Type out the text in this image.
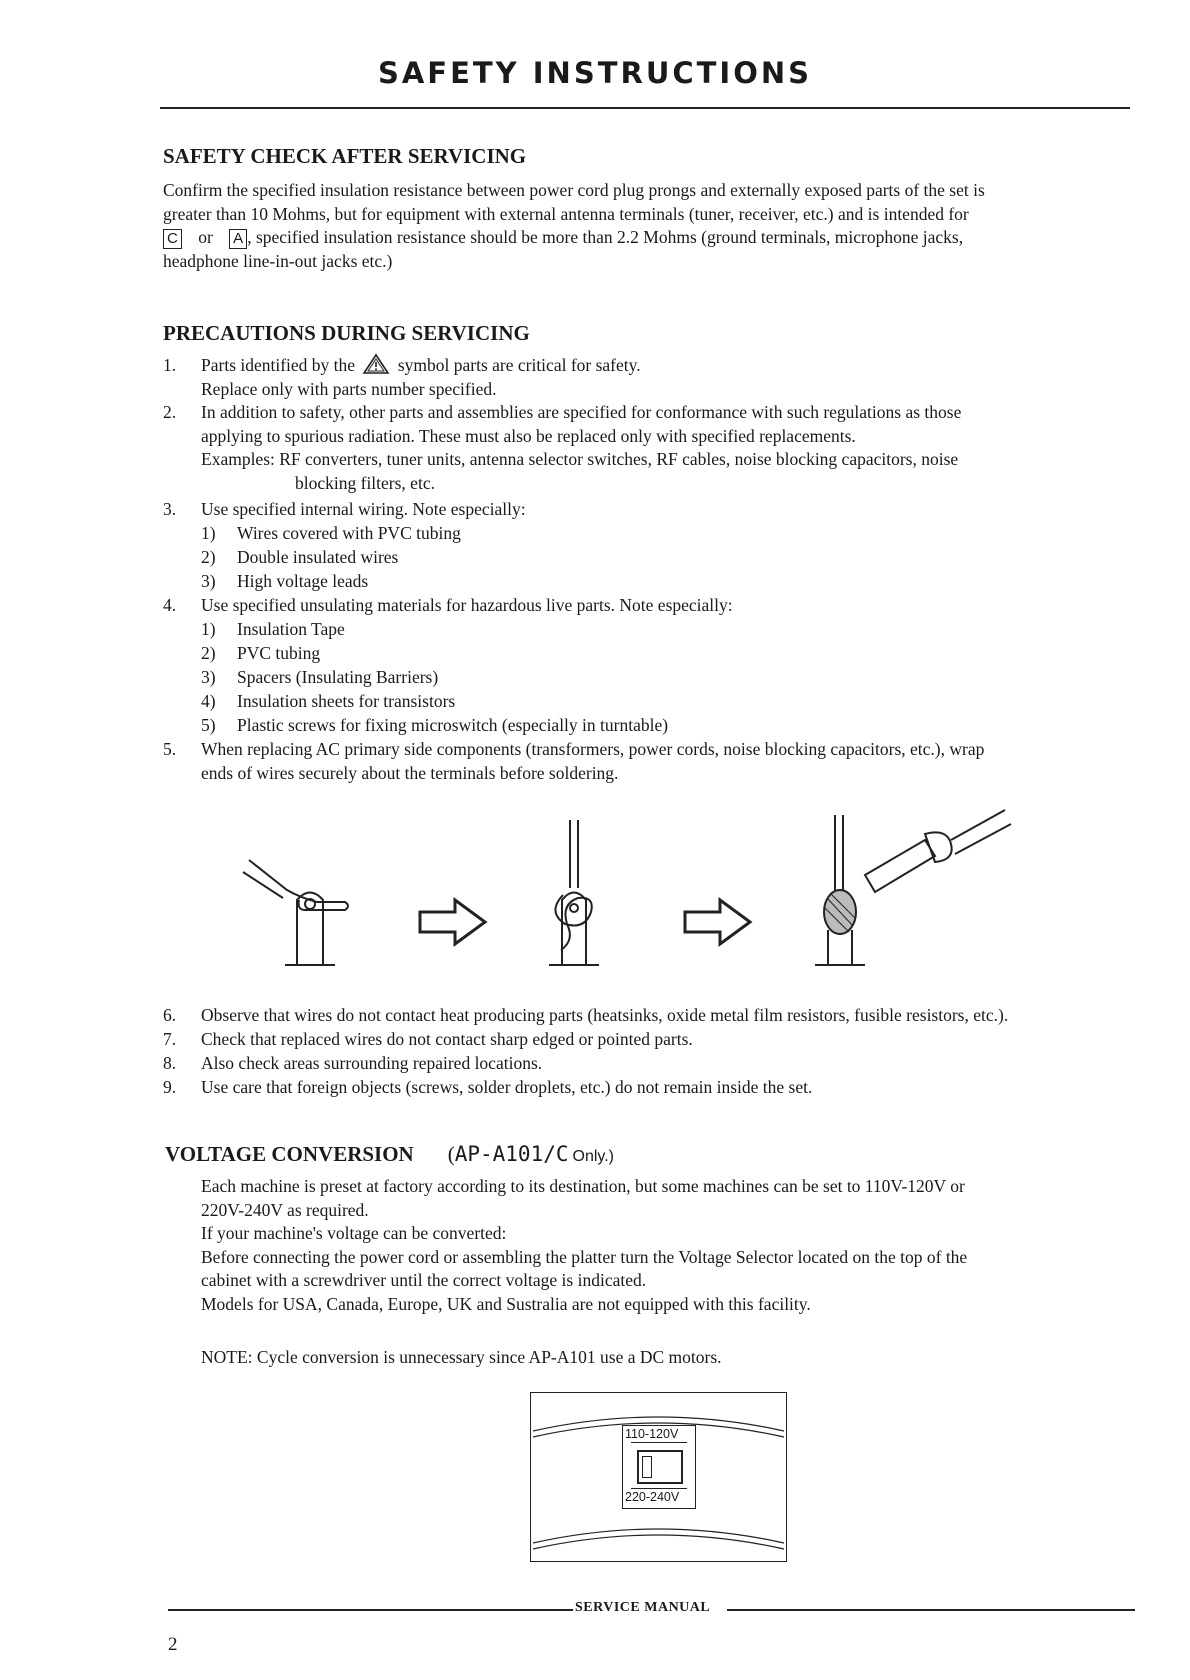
SAFETY INSTRUCTIONS
SAFETY CHECK AFTER SERVICING
Confirm the specified insulation resistance between power cord plug prongs and externally exposed parts of the set is
greater than 10 Mohms, but for equipment with external antenna terminals (tuner, receiver, etc.) and is intended for
C or A , specified insulation resistance should be more than 2.2 Mohms (ground terminals, microphone jacks,
headphone line-in-out jacks etc.)
PRECAUTIONS DURING SERVICING
1.	Parts identified by the symbol parts are critical for safety.
Replace only with parts number specified.
2. In addition to safety, other parts and assemblies are specified for conformance with such regulations as those
applying to spurious radiation. These must also be replaced only with specified replacements.
Examples: RF converters, tuner units, antenna selector switches, RF cables, noise blocking capacitors, noise
blocking filters, etc.
3. Use specified internal wiring. Note especially:
1) Wires covered with PVC tubing
2) Double insulated wires
3) High voltage leads
4. Use specified unsulating materials for hazardous live parts. Note especially:
1) Insulation Tape
2) PVC tubing
3) Spacers (Insulating Barriers)
4) Insulation sheets for transistors
5) Plastic screws for fixing microswitch (especially in turntable)
5. When replacing AC primary side components (transformers, power cords, noise blocking capacitors, etc.), wrap
ends of wires securely about the terminals before soldering.
6. Observe that wires do not contact heat producing parts (heatsinks, oxide metal film resistors, fusible resistors, etc.).
7. Check that replaced wires do not contact sharp edged or pointed parts.
8. Also check areas surrounding repaired locations.
9. Use care that foreign objects (screws, solder droplets, etc.) do not remain inside the set.
VOLTAGE CONVERSION (AP-A101/C Only.)
Each machine is preset at factory according to its destination, but some machines can be set to 110V-120V or
220V-240V as required.
If your machine's voltage can be converted:
Before connecting the power cord or assembling the platter turn the Voltage Selector located on the top of the
cabinet with a screwdriver until the correct voltage is indicated.
Models for USA, Canada, Europe, UK and Sustralia are not equipped with this facility.
NOTE: Cycle conversion is unnecessary since AP-A101 use a DC motors.
110-120V
220-240V
SERVICE MANUAL
2
